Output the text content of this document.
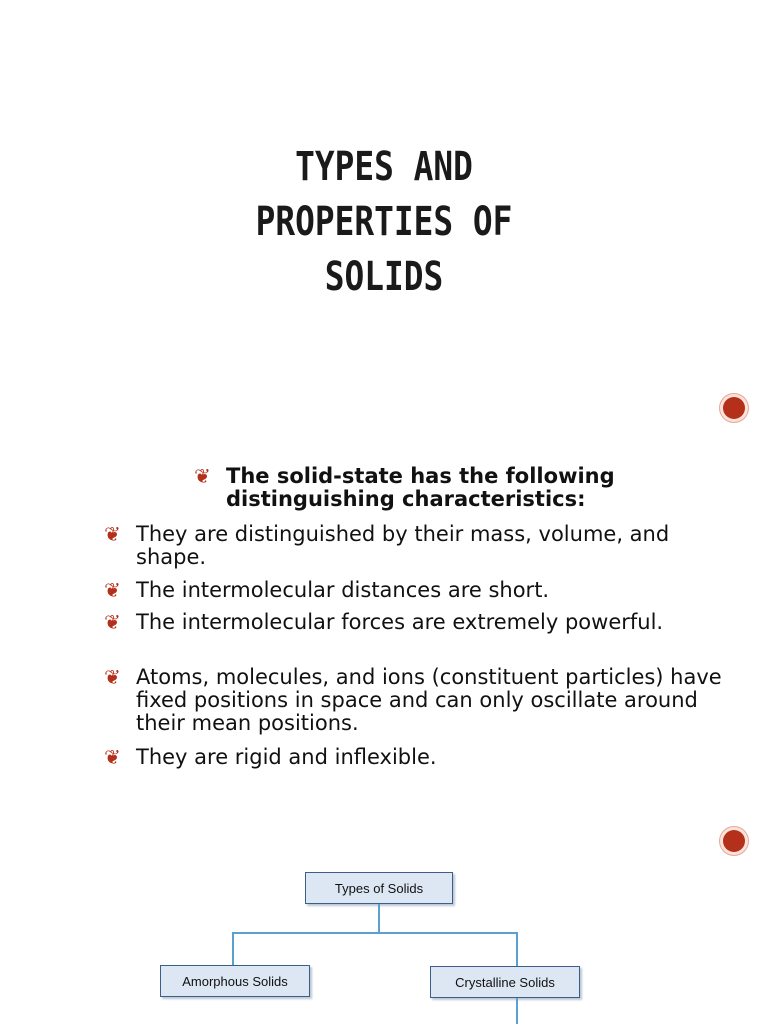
TYPES AND
PROPERTIES OF
SOLIDS
❦ The solid-state has the following distinguishing characteristics:
❦ They are distinguished by their mass, volume, and shape.
❦ The intermolecular distances are short.
❦ The intermolecular forces are extremely powerful.
❦ Atoms, molecules, and ions (constituent particles) have fixed positions in space and can only oscillate around their mean positions.
❦ They are rigid and inflexible.
Types of Solids
Amorphous Solids	Crystalline Solids
